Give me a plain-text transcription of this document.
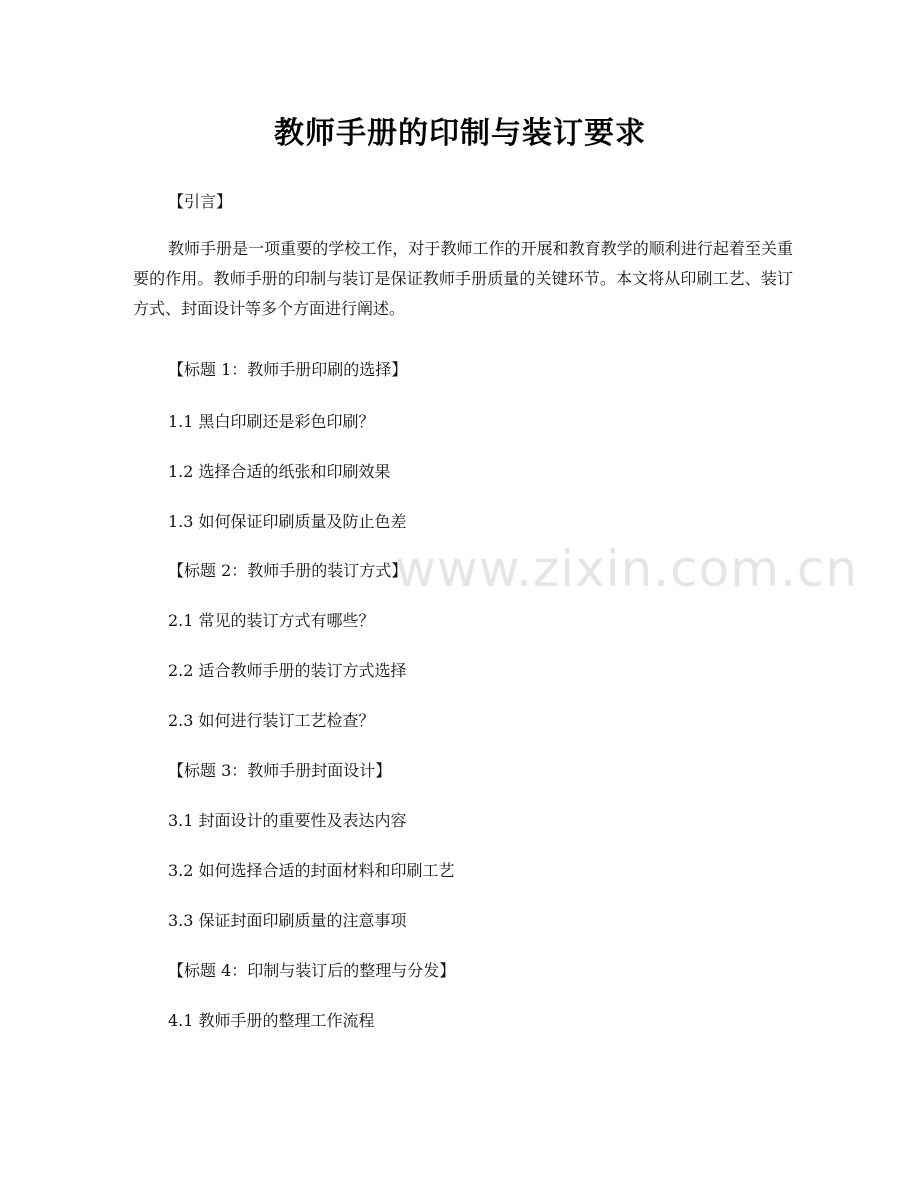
教师手册的印制与装订要求
【引言】
教师手册是一项重要的学校工作，对于教师工作的开展和教育教学的顺利进行起着至关重要的作用。教师手册的印制与装订是保证教师手册质量的关键环节。本文将从印刷工艺、装订方式、封面设计等多个方面进行阐述。
【标题 1：教师手册印刷的选择】
1.1 黑白印刷还是彩色印刷？
1.2 选择合适的纸张和印刷效果
1.3 如何保证印刷质量及防止色差
【标题 2：教师手册的装订方式】
2.1 常见的装订方式有哪些？
2.2 适合教师手册的装订方式选择
2.3 如何进行装订工艺检查？
【标题 3：教师手册封面设计】
3.1 封面设计的重要性及表达内容
3.2 如何选择合适的封面材料和印刷工艺
3.3 保证封面印刷质量的注意事项
【标题 4：印制与装订后的整理与分发】
4.1 教师手册的整理工作流程
www.zixin.com.cn
